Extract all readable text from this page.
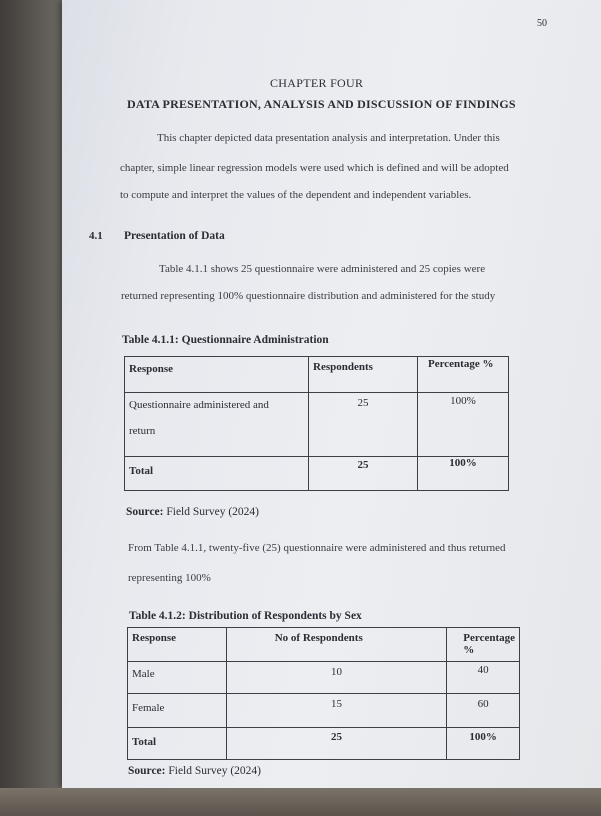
50
CHAPTER FOUR
DATA PRESENTATION, ANALYSIS AND DISCUSSION OF FINDINGS
This chapter depicted data presentation analysis and interpretation. Under this
chapter, simple linear regression models were used which is defined and will be adopted
to compute and interpret the values of the dependent and independent variables.
4.1 Presentation of Data
Table 4.1.1 shows 25 questionnaire were administered and 25 copies were
returned representing 100% questionnaire distribution and administered for the study
Table 4.1.1: Questionnaire Administration
Response	Respondents	Percentage %

Questionnaire administered and
return	25	100%
Total	25	100%
Source: Field Survey (2024)
From Table 4.1.1, twenty-five (25) questionnaire were administered and thus returned
representing 100%
Table 4.1.2: Distribution of Respondents by Sex
Response	No of Respondents	Percentage %
Male	10	40
Female	15	60
Total	25	100%
Source: Field Survey (2024)
